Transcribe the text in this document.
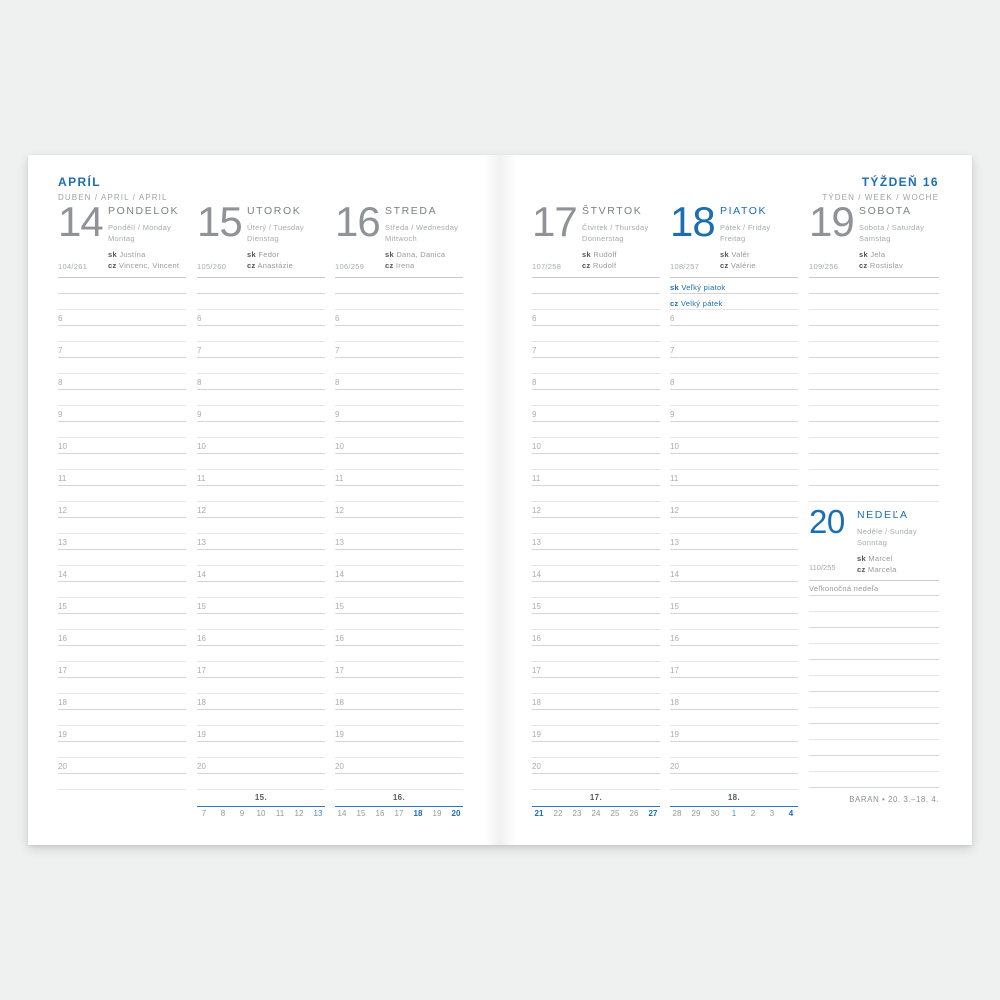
APRÍL
DUBEN / APRIL / APRIL
TÝŽDEŇ 16
TÝDEN / WEEK / WOCHE
14 PONDELOK
Pondělí / Monday
Montag
sk Justína
cz Vincenc, Vincent
104/261
6
7
8
9
10
11
12
13
14
15
16
17
18
19
20
15 UTOROK
Úterý / Tuesday
Dienstag
sk Fedor
cz Anastázie
105/260
6
7
8
9
10
11
12
13
14
15
16
17
18
19
20
16 STREDA
Středa / Wednesday
Mittwoch
sk Dana, Danica
cz Irena
106/259
6
7
8
9
10
11
12
13
14
15
16
17
18
19
20
17 ŠTVRTOK
Čtvrtek / Thursday
Donnerstag
sk Rudolf
cz Rudolf
107/258
6
7
8
9
10
11
12
13
14
15
16
17
18
19
20
18 PIATOK
Pátek / Friday
Freitag
sk Valér
cz Valérie
108/257
6
7
8
9
10
11
12
13
14
15
16
17
18
19
20
sk Veľký piatok
cz Velký pátek
19 SOBOTA
Sobota / Saturday
Samstag
sk Jela
cz Rostislav
109/256
20 NEDEĽA
Neděle / Sunday
Sonntag
sk Marcel
cz Marcela
110/255
Veľkonočná nedeľa
15.
7	8	9	10	11	12	13
16.
14	15	16	17	18	19	20
17.
21	22	23	24	25	26	27
18.
28	29	30	1	2	3	4
BARAN • 20. 3.–18. 4.
